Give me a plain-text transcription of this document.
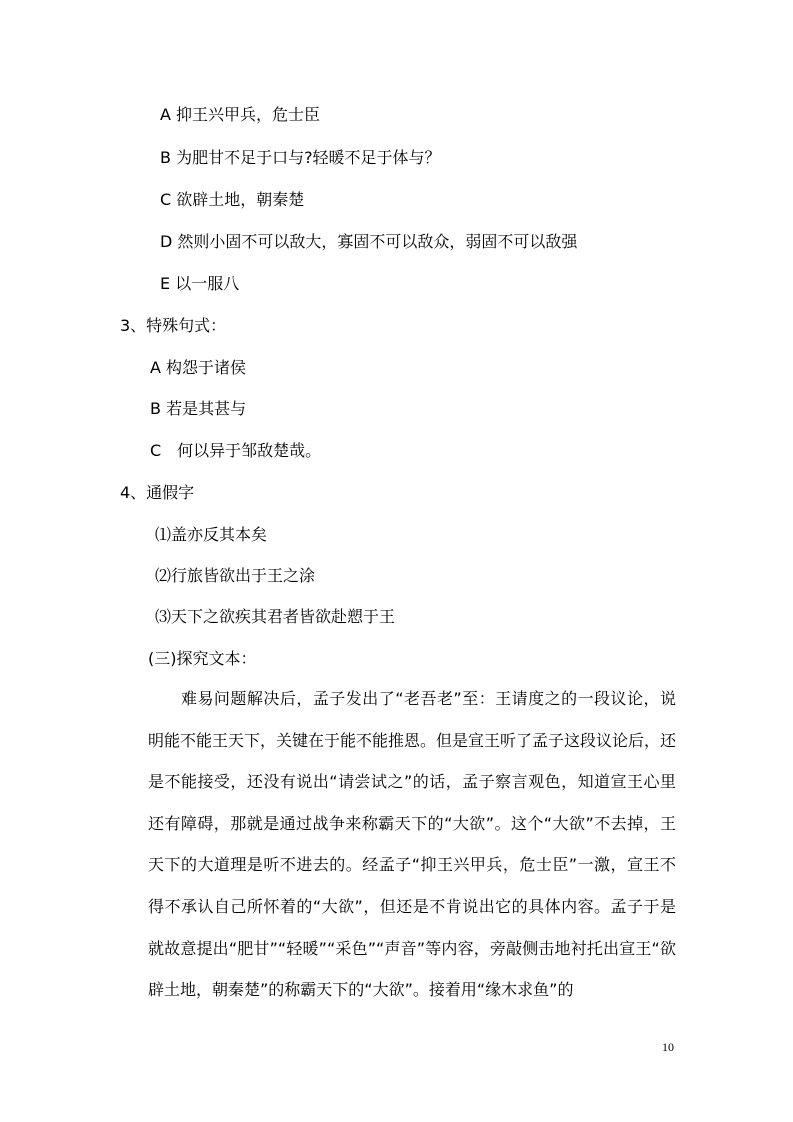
A 抑王兴甲兵，危士臣
B 为肥甘不足于口与?轻暖不足于体与？
C 欲辟土地，朝秦楚
D 然则小固不可以敌大，寡固不可以敌众，弱固不可以敌强
E 以一服八
3、特殊句式：
A 构怨于诸侯
B 若是其甚与
C　何以异于邹敌楚哉。
4、通假字
⑴盖亦反其本矣
⑵行旅皆欲出于王之涂
⑶天下之欲疾其君者皆欲赴愬于王
(三)探究文本：

　　难易问题解决后，孟子发出了“老吾老”至：王请度之的一段议论，说明能不能王天下，关键在于能不能推恩。但是宣王听了孟子这段议论后，还是不能接受，还没有说出“请尝试之”的话，孟子察言观色，知道宣王心里还有障碍，那就是通过战争来称霸天下的“大欲”。这个“大欲”不去掉，王天下的大道理是听不进去的。经孟子“抑王兴甲兵，危士臣”一激，宣王不得不承认自己所怀着的“大欲”，但还是不肯说出它的具体内容。孟子于是就故意提出“肥甘”“轻暖”“采色”“声音”等内容，旁敲侧击地衬托出宣王“欲辟土地，朝秦楚”的称霸天下的“大欲”。接着用“缘木求鱼”的

10
